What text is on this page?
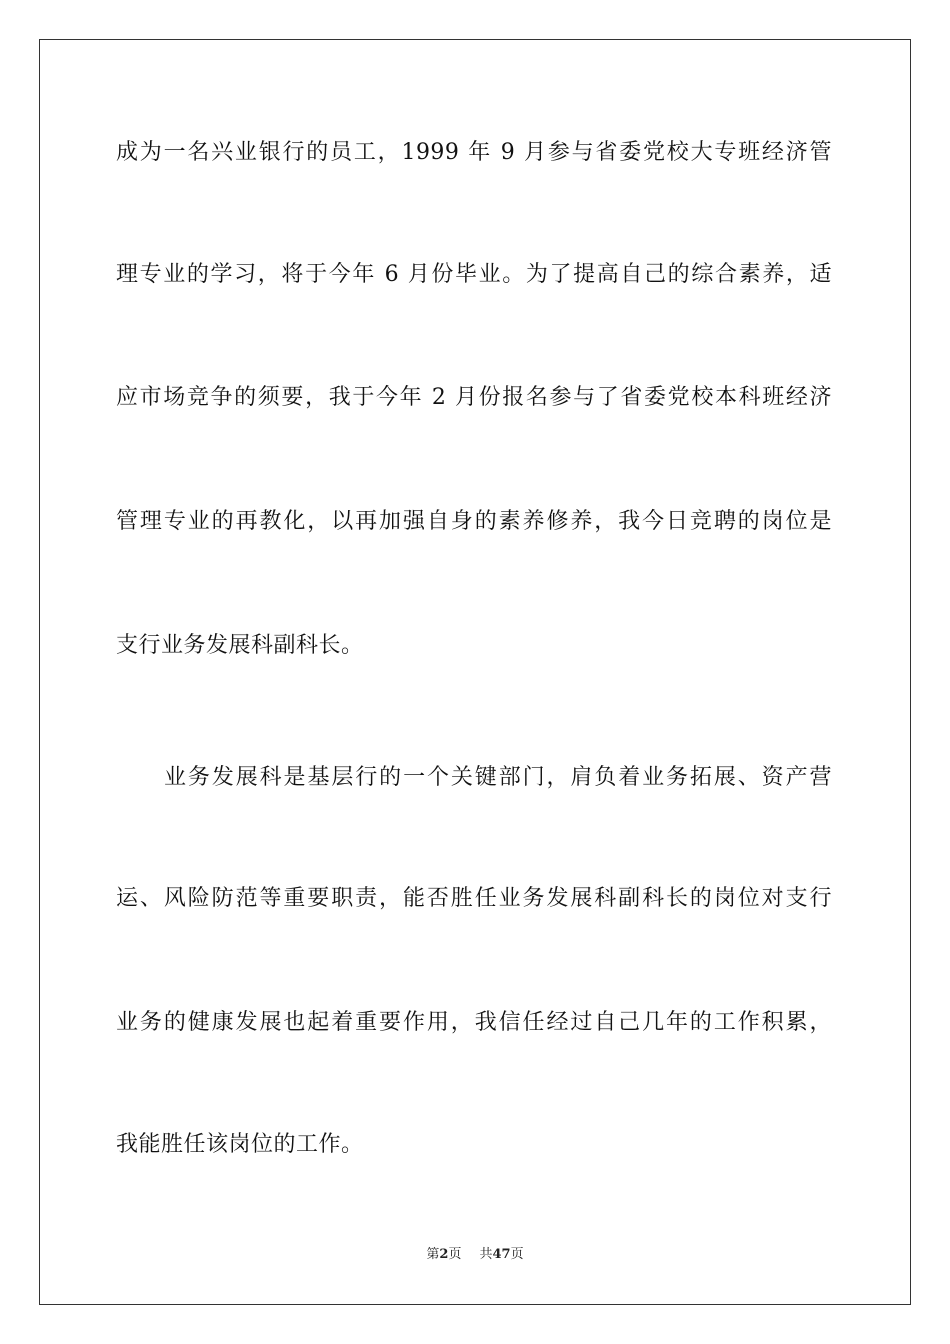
成为一名兴业银行的员工，1999 年 9 月参与省委党校大专班经济管
理专业的学习，将于今年 6 月份毕业。为了提高自己的综合素养，适
应市场竞争的须要，我于今年 2 月份报名参与了省委党校本科班经济
管理专业的再教化，以再加强自身的素养修养，我今日竞聘的岗位是
支行业务发展科副科长。
业务发展科是基层行的一个关键部门，肩负着业务拓展、资产营
运、风险防范等重要职责，能否胜任业务发展科副科长的岗位对支行
业务的健康发展也起着重要作用，我信任经过自己几年的工作积累，
我能胜任该岗位的工作。
第2页 共47页
